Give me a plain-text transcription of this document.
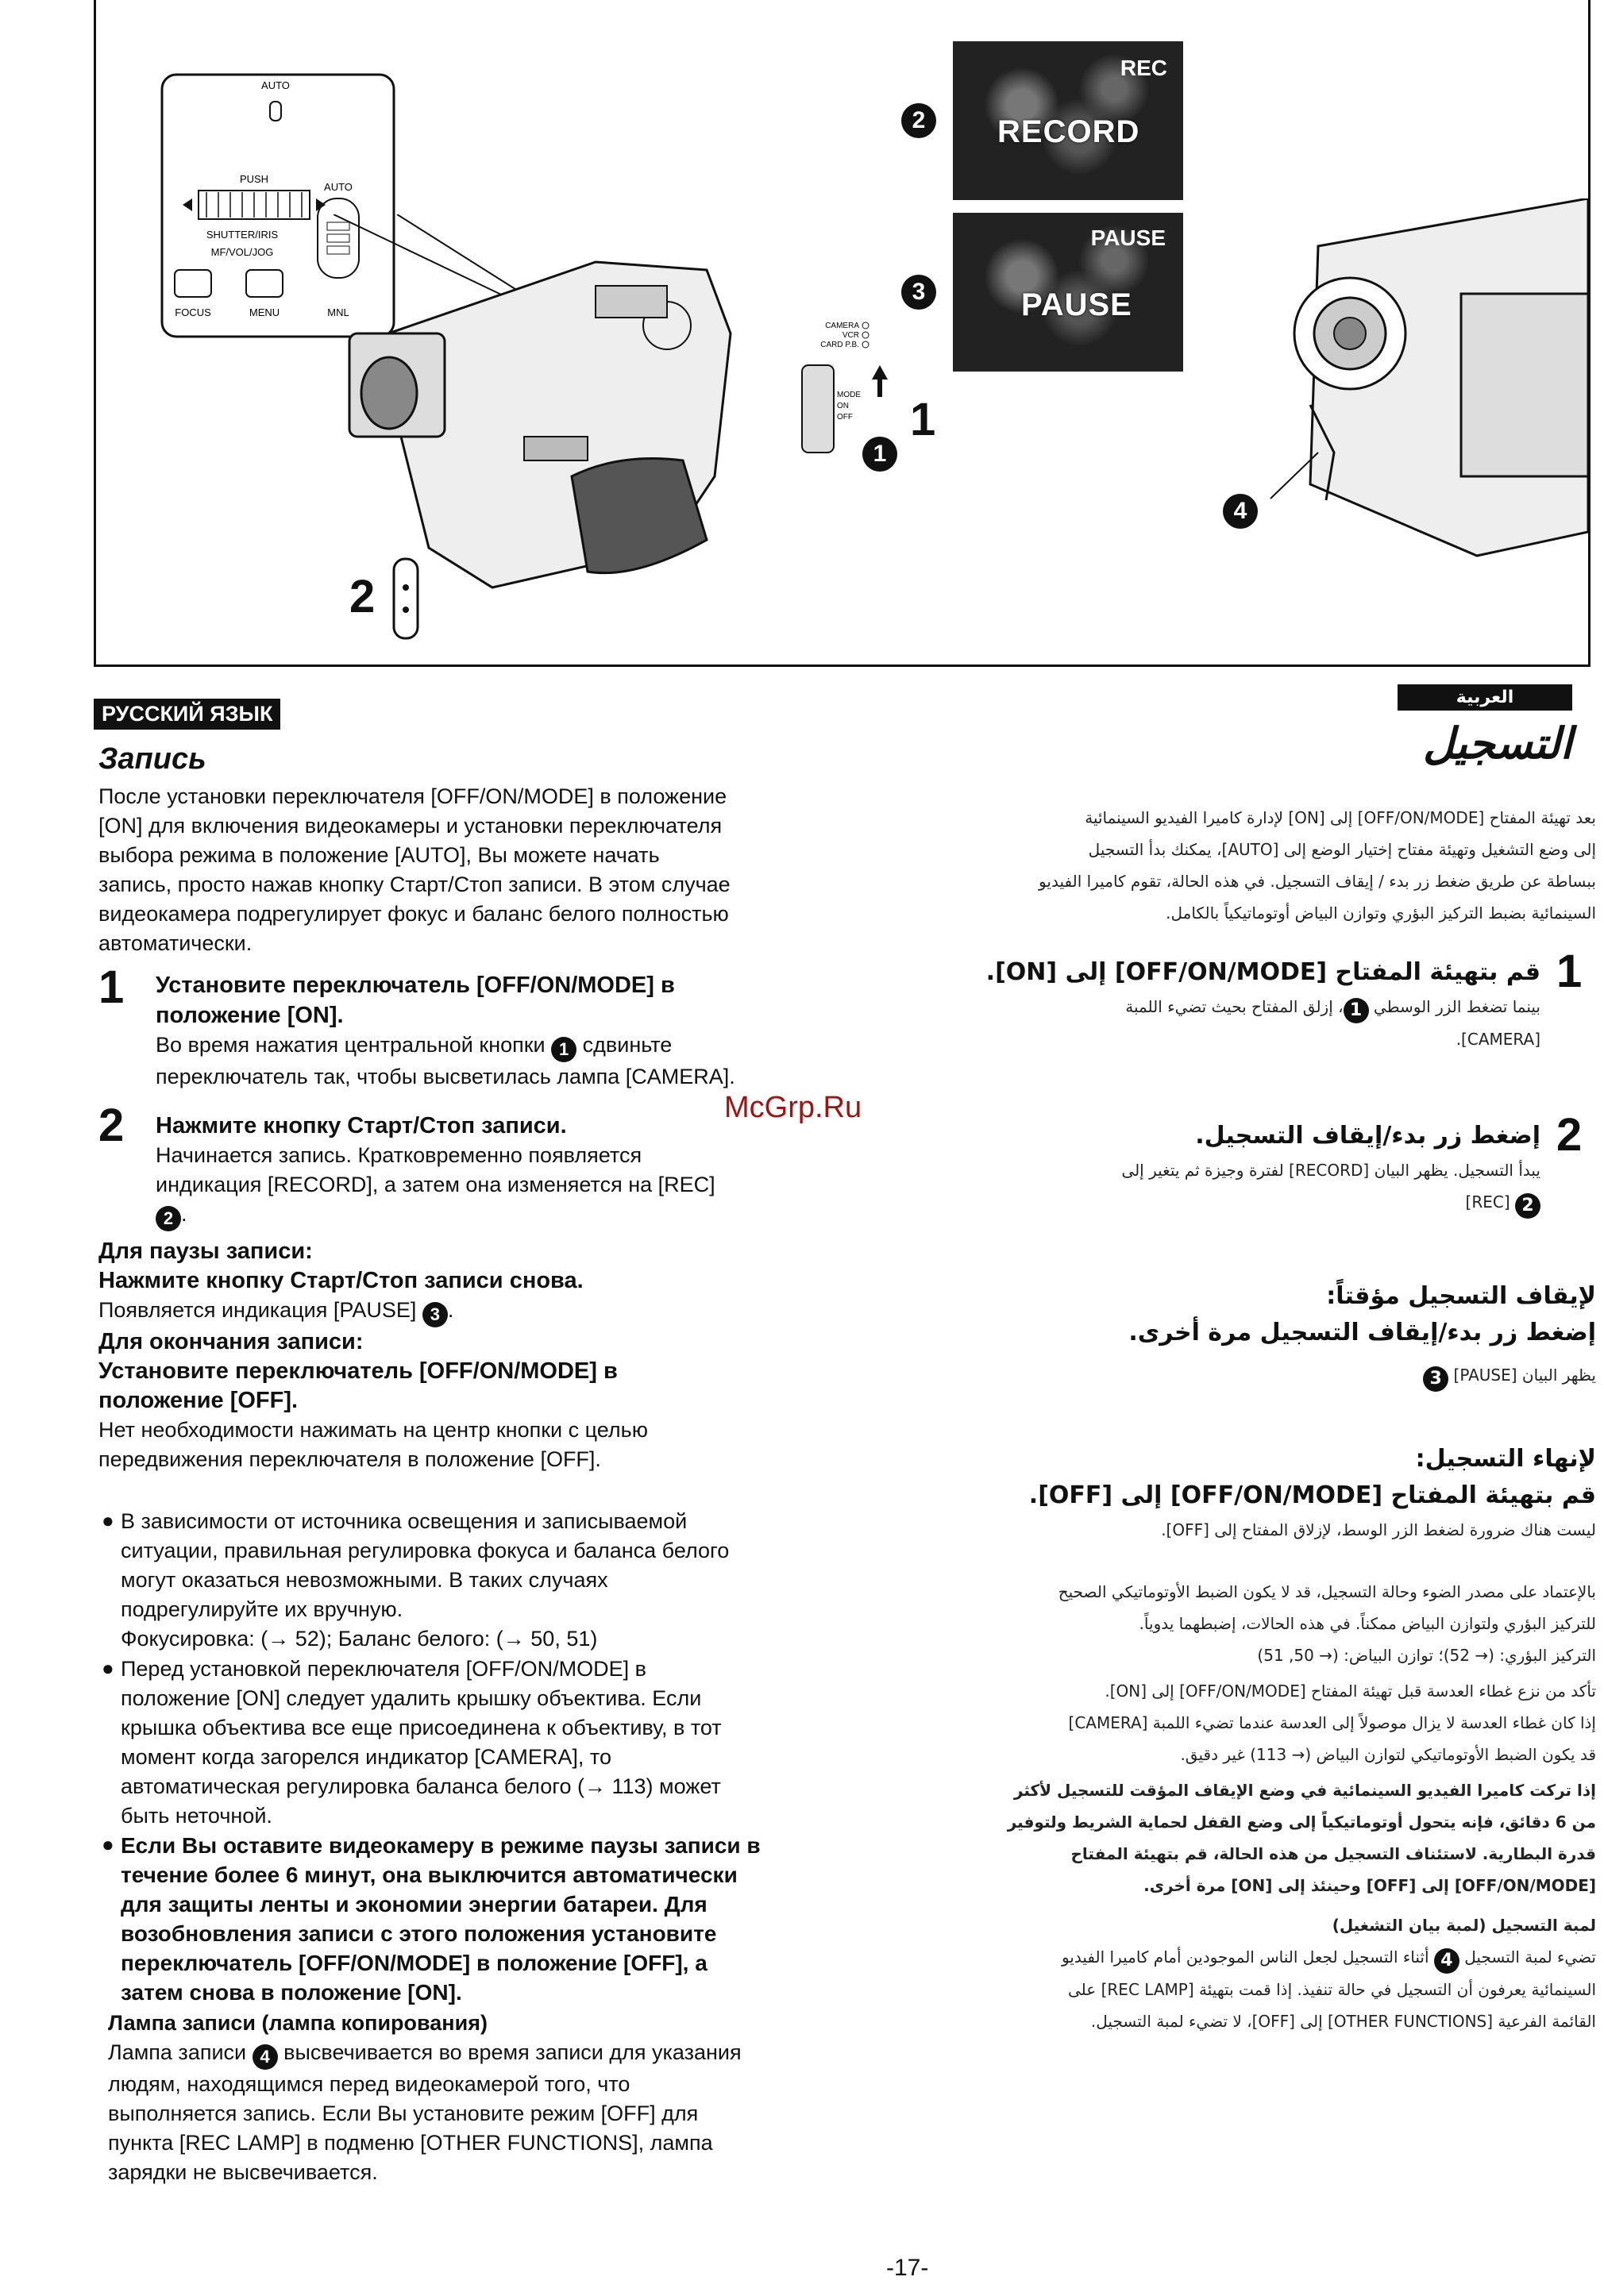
AUTO
PUSH
AUTO
SHUTTER/IRIS
MF/VOL/JOG
FOCUS	MENU	MNL
CAMERA
VCR
CARD P.B.
MODE
ON
OFF
1
1
2
2
REC
RECORD
3
PAUSE
PAUSE
4
РУССКИЙ ЯЗЫК
Запись

После установки переключателя [OFF/ON/MODE] в положение

[ON] для включения видеокамеры и установки переключателя

выбора режима в положение [AUTO], Вы можете начать

запись, просто нажав кнопку Старт/Стоп записи. В этом случае

видеокамера подрегулирует фокус и баланс белого полностью

автоматически.

1 Установите переключатель [OFF/ON/MODE] в

положение [ON].

Во время нажатия центральной кнопки 1 сдвиньте

переключатель так, чтобы высветилась лампа [CAMERA].

2 Нажмите кнопку Старт/Стоп записи.

Начинается запись. Кратковременно появляется

индикация [RECORD], а затем она изменяется на [REC]

2 .

Для паузы записи:

Нажмите кнопку Старт/Стоп записи снова.

Появляется индикация [PAUSE] 3 .

Для окончания записи:

Установите переключатель [OFF/ON/MODE] в

положение [OFF].

Нет необходимости нажимать на центр кнопки с целью

передвижения переключателя в положение [OFF].

● В зависимости от источника освещения и записываемой

ситуации, правильная регулировка фокуса и баланса белого

могут оказаться невозможными. В таких случаях

подрегулируйте их вручную.

Фокусировка: (→ 52); Баланс белого: (→ 50, 51)

● Перед установкой переключателя [OFF/ON/MODE] в

положение [ON] следует удалить крышку объектива. Если

крышка объектива все еще присоединена к объективу, в тот

момент когда загорелся индикатор [CAMERA], то

автоматическая регулировка баланса белого (→ 113) может

быть неточной.

● Если Вы оставите видеокамеру в режиме паузы записи в

течение более 6 минут, она выключится автоматически

для защиты ленты и экономии энергии батареи. Для

возобновления записи с этого положения установите

переключатель [OFF/ON/MODE] в положение [OFF], а

затем снова в положение [ON].

Лампа записи (лампа копирования)

Лампа записи 4 высвечивается во время записи для указания

людям, находящимся перед видеокамерой того, что

выполняется запись. Если Вы установите режим [OFF] для

пункта [REC LAMP] в подменю [OTHER FUNCTIONS], лампа

зарядки не высвечивается.

العربية
التسجيل
بعد تهيئة المفتاح [OFF/ON/MODE] إلى [ON] لإدارة كاميرا الفيديو السينمائية
إلى وضع التشغيل وتهيئة مفتاح إختيار الوضع إلى [AUTO]، يمكنك بدأ التسجيل
ببساطة عن طريق ضغط زر بدء / إيقاف التسجيل. في هذه الحالة، تقوم كاميرا الفيديو
السينمائية بضبط التركيز البؤري وتوازن البياض أوتوماتيكياً بالكامل.
1
قم بتهيئة المفتاح [OFF/ON/MODE] إلى [ON].
بينما تضغط الزر الوسطي 1، إزلق المفتاح بحيث تضيء اللمبة
[CAMERA].
2
إضغط زر بدء/إيقاف التسجيل.
يبدأ التسجيل. يظهر البيان [RECORD] لفترة وجيزة ثم يتغير إلى
2 [REC]
لإيقاف التسجيل مؤقتاً:
إضغط زر بدء/إيقاف التسجيل مرة أخرى.
يظهر البيان [PAUSE] 3
لإنهاء التسجيل:
قم بتهيئة المفتاح [OFF/ON/MODE] إلى [OFF].
ليست هناك ضرورة لضغط الزر الوسط، لإزلاق المفتاح إلى [OFF].
بالإعتماد على مصدر الضوء وحالة التسجيل، قد لا يكون الضبط الأوتوماتيكي الصحيح
للتركيز البؤري ولتوازن البياض ممكناً. في هذه الحالات، إضبطهما يدوياً.
التركيز البؤري: (→ 52)؛ توازن البياض: (→ 50, 51)
تأكد من نزع غطاء العدسة قبل تهيئة المفتاح [OFF/ON/MODE] إلى [ON].
إذا كان غطاء العدسة لا يزال موصولاً إلى العدسة عندما تضيء اللمبة [CAMERA]
قد يكون الضبط الأوتوماتيكي لتوازن البياض (→ 113) غير دقيق.
إذا تركت كاميرا الفيديو السينمائية في وضع الإيقاف المؤقت للتسجيل لأكثر
من 6 دقائق، فإنه يتحول أوتوماتيكياً إلى وضع القفل لحماية الشريط ولتوفير
قدرة البطارية. لاستئناف التسجيل من هذه الحالة، قم بتهيئة المفتاح
[OFF/ON/MODE] إلى [OFF] وحينئذ إلى [ON] مرة أخرى.
لمبة التسجيل (لمبة بيان التشغيل)
تضيء لمبة التسجيل 4 أثناء التسجيل لجعل الناس الموجودين أمام كاميرا الفيديو
السينمائية يعرفون أن التسجيل في حالة تنفيذ. إذا قمت بتهيئة [REC LAMP] على
القائمة الفرعية [OTHER FUNCTIONS] إلى [OFF]، لا تضيء لمبة التسجيل.
McGrp.Ru
-17-
